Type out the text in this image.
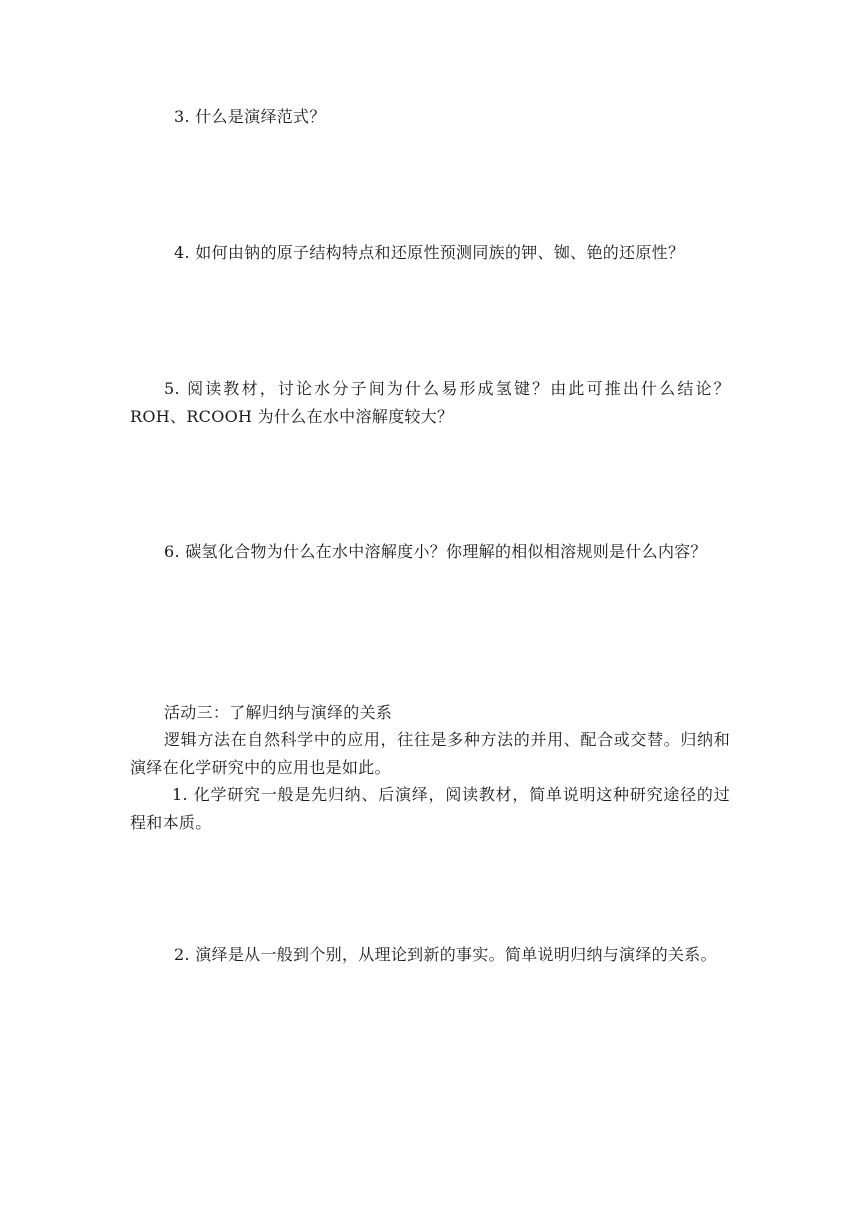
3. 什么是演绎范式？
4. 如何由钠的原子结构特点和还原性预测同族的钾、铷、铯的还原性？
5. 阅读教材，讨论水分子间为什么易形成氢键？由此可推出什么结论？ROH、RCOOH 为什么在水中溶解度较大？
6. 碳氢化合物为什么在水中溶解度小？你理解的相似相溶规则是什么内容？
活动三：了解归纳与演绎的关系
逻辑方法在自然科学中的应用，往往是多种方法的并用、配合或交替。归纳和演绎在化学研究中的应用也是如此。
1. 化学研究一般是先归纳、后演绎，阅读教材，简单说明这种研究途径的过程和本质。
2. 演绎是从一般到个别，从理论到新的事实。简单说明归纳与演绎的关系。
